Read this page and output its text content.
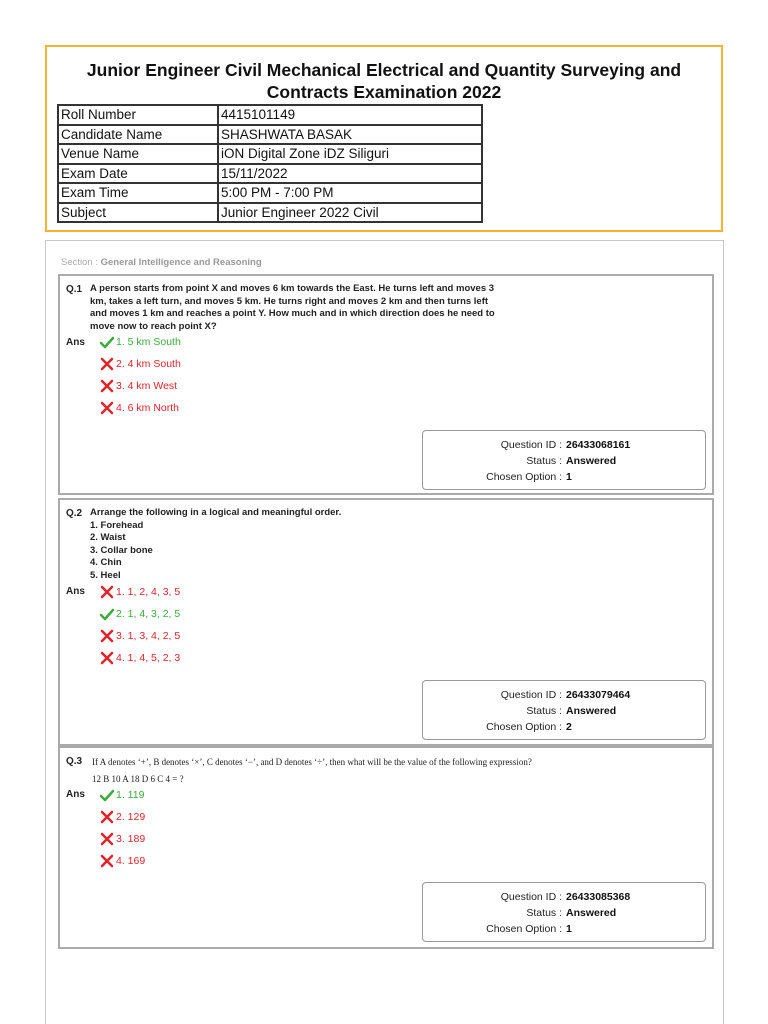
Junior Engineer Civil Mechanical Electrical and Quantity Surveying and Contracts Examination 2022
Roll Number	4415101149
Candidate Name	SHASHWATA BASAK
Venue Name	iON Digital Zone iDZ Siliguri
Exam Date	15/11/2022
Exam Time	5:00 PM - 7:00 PM
Subject	Junior Engineer 2022 Civil
Section : General Intelligence and Reasoning
Q.1 A person starts from point X and moves 6 km towards the East. He turns left and moves 3
km, takes a left turn, and moves 5 km. He turns right and moves 2 km and then turns left
and moves 1 km and reaches a point Y. How much and in which direction does he need to
move now to reach point X?
Ans	1. 5 km South
2. 4 km South
3. 4 km West
4. 6 km North
Question ID : 26433068161
Status : Answered
Chosen Option : 1
Q.2 Arrange the following in a logical and meaningful order.
1. Forehead
2. Waist
3. Collar bone
4. Chin
5. Heel
Ans	1. 1, 2, 4, 3, 5
2. 1, 4, 3, 2, 5
3. 1, 3, 4, 2, 5
4. 1, 4, 5, 2, 3
Question ID : 26433079464
Status : Answered
Chosen Option : 2
Q.3 If A denotes ‘+’, B denotes ‘×’, C denotes ‘−’, and D denotes ‘÷’, then what will be the value of the following expression?
12 B 10 A 18 D 6 C 4 = ?
Ans	1. 119
2. 129
3. 189
4. 169
Question ID : 26433085368
Status : Answered
Chosen Option : 1
